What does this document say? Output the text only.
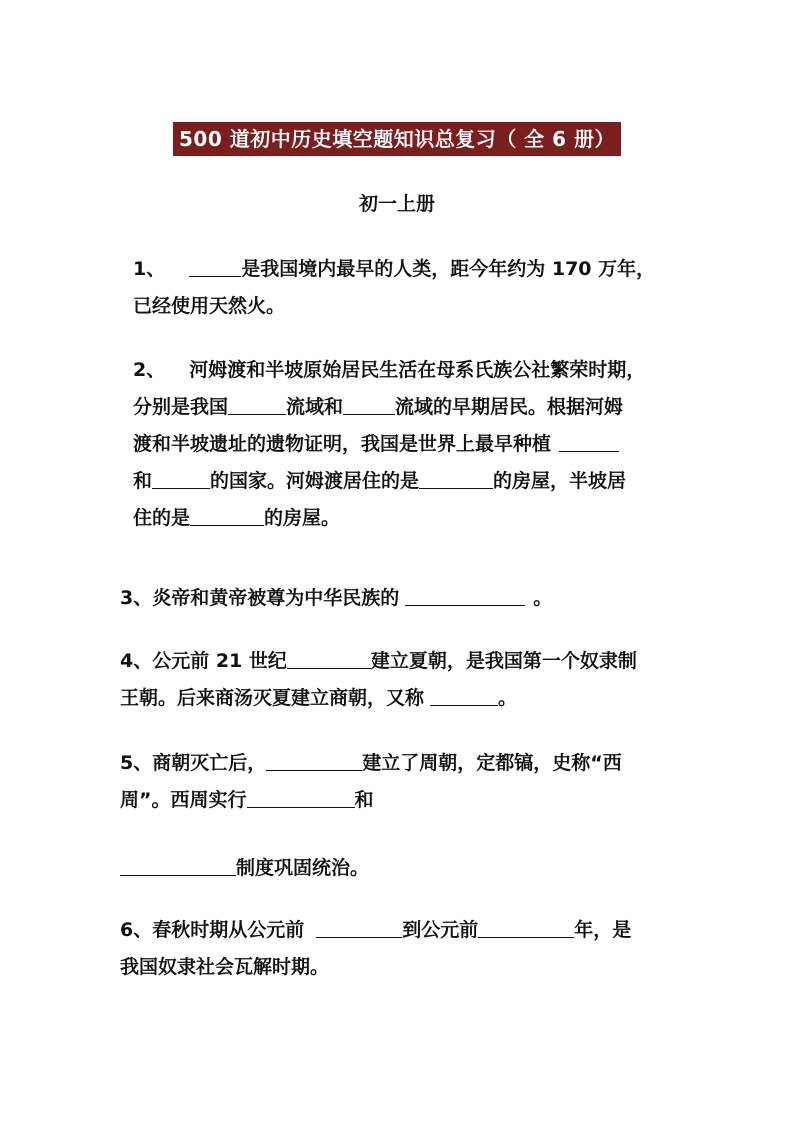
500 道初中历史填空题知识总复习（ 全 6 册）
初一上册
1、	是我国境内最早的人类，距今年约为 170 万年，
已经使用天然火。
2、 河姆渡和半坡原始居民生活在母系氏族公社繁荣时期，
分别是我国	流域和	流域的早期居民。根据河姆
渡和半坡遗址的遗物证明，我国是世界上最早种植
和	的国家。河姆渡居住的是	的房屋，半坡居
住的是	的房屋。
3、炎帝和黄帝被尊为中华民族的	。
4、公元前 21 世纪	建立夏朝，是我国第一个奴隶制
王朝。后来商汤灭夏建立商朝，又称	。
5、商朝灭亡后，	建立了周朝，定都镐，史称“西
周”。西周实行	和
制度巩固统治。
6、春秋时期从公元前	到公元前	年，是
我国奴隶社会瓦解时期。
